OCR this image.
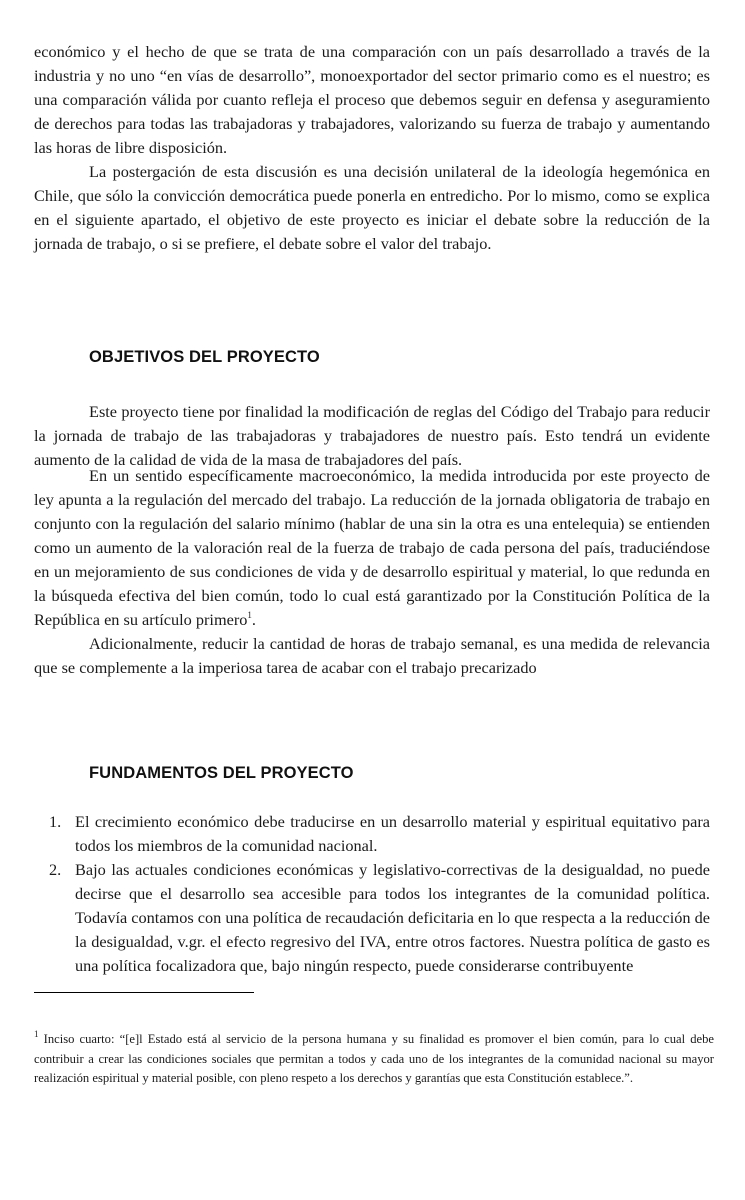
económico y el hecho de que se trata de una comparación con un país desarrollado a través de la industria y no uno “en vías de desarrollo”, monoexportador del sector primario como es el nuestro; es una comparación válida por cuanto refleja el proceso que debemos seguir en defensa y aseguramiento de derechos para todas las trabajadoras y trabajadores, valorizando su fuerza de trabajo y aumentando las horas de libre disposición.

La postergación de esta discusión es una decisión unilateral de la ideología hegemónica en Chile, que sólo la convicción democrática puede ponerla en entredicho. Por lo mismo, como se explica en el siguiente apartado, el objetivo de este proyecto es iniciar el debate sobre la reducción de la jornada de trabajo, o si se prefiere, el debate sobre el valor del trabajo.

OBJETIVOS DEL PROYECTO

Este proyecto tiene por finalidad la modificación de reglas del Código del Trabajo para reducir la jornada de trabajo de las trabajadoras y trabajadores de nuestro país. Esto tendrá un evidente aumento de la calidad de vida de la masa de trabajadores del país.

En un sentido específicamente macroeconómico, la medida introducida por este proyecto de ley apunta a la regulación del mercado del trabajo. La reducción de la jornada obligatoria de trabajo en conjunto con la regulación del salario mínimo (hablar de una sin la otra es una entelequia) se entienden como un aumento de la valoración real de la fuerza de trabajo de cada persona del país, traduciéndose en un mejoramiento de sus condiciones de vida y de desarrollo espiritual y material, lo que redunda en la búsqueda efectiva del bien común, todo lo cual está garantizado por la Constitución Política de la República en su artículo primero$^1$.

Adicionalmente, reducir la cantidad de horas de trabajo semanal, es una medida de relevancia que se complemente a la imperiosa tarea de acabar con el trabajo precarizado

FUNDAMENTOS DEL PROYECTO
1. El crecimiento económico debe traducirse en un desarrollo material y espiritual equitativo para todos los miembros de la comunidad nacional.
2. Bajo las actuales condiciones económicas y legislativo-correctivas de la desigualdad, no puede decirse que el desarrollo sea accesible para todos los integrantes de la comunidad política. Todavía contamos con una política de recaudación deficitaria en lo que respecta a la reducción de la desigualdad, v.gr. el efecto regresivo del IVA, entre otros factores. Nuestra política de gasto es una política focalizadora que, bajo ningún respecto, puede considerarse contribuyente

$^1$ Inciso cuarto: “[e]l Estado está al servicio de la persona humana y su finalidad es promover el bien común, para lo cual debe contribuir a crear las condiciones sociales que permitan a todos y cada uno de los integrantes de la comunidad nacional su mayor realización espiritual y material posible, con pleno respeto a los derechos y garantías que esta Constitución establece.”.
